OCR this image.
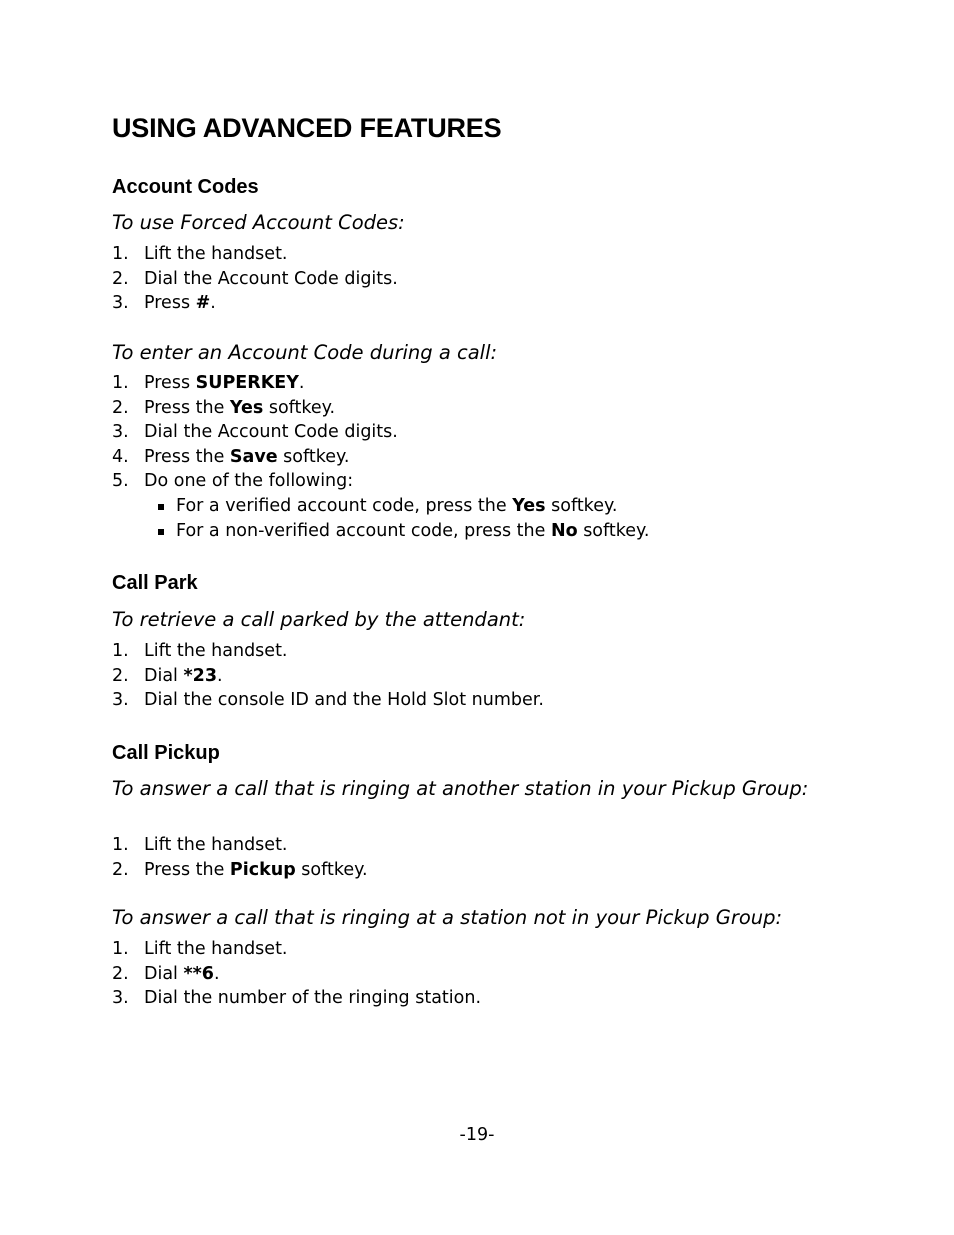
USING ADVANCED FEATURES
Account Codes

To use Forced Account Codes:

1. Lift the handset.
2. Dial the Account Code digits.
3. Press #.

To enter an Account Code during a call:

1. Press SUPERKEY.
2. Press the Yes softkey.
3. Dial the Account Code digits.
4. Press the Save softkey.
5. Do one of the following:
For a verified account code, press the Yes softkey.
For a non-verified account code, press the No softkey.
Call Park

To retrieve a call parked by the attendant:

1. Lift the handset.
2. Dial *23.
3. Dial the console ID and the Hold Slot number.
Call Pickup

To answer a call that is ringing at another station in your Pickup Group:

1. Lift the handset.
2. Press the Pickup softkey.

To answer a call that is ringing at a station not in your Pickup Group:

1. Lift the handset.
2. Dial **6.
3. Dial the number of the ringing station.
-19-
